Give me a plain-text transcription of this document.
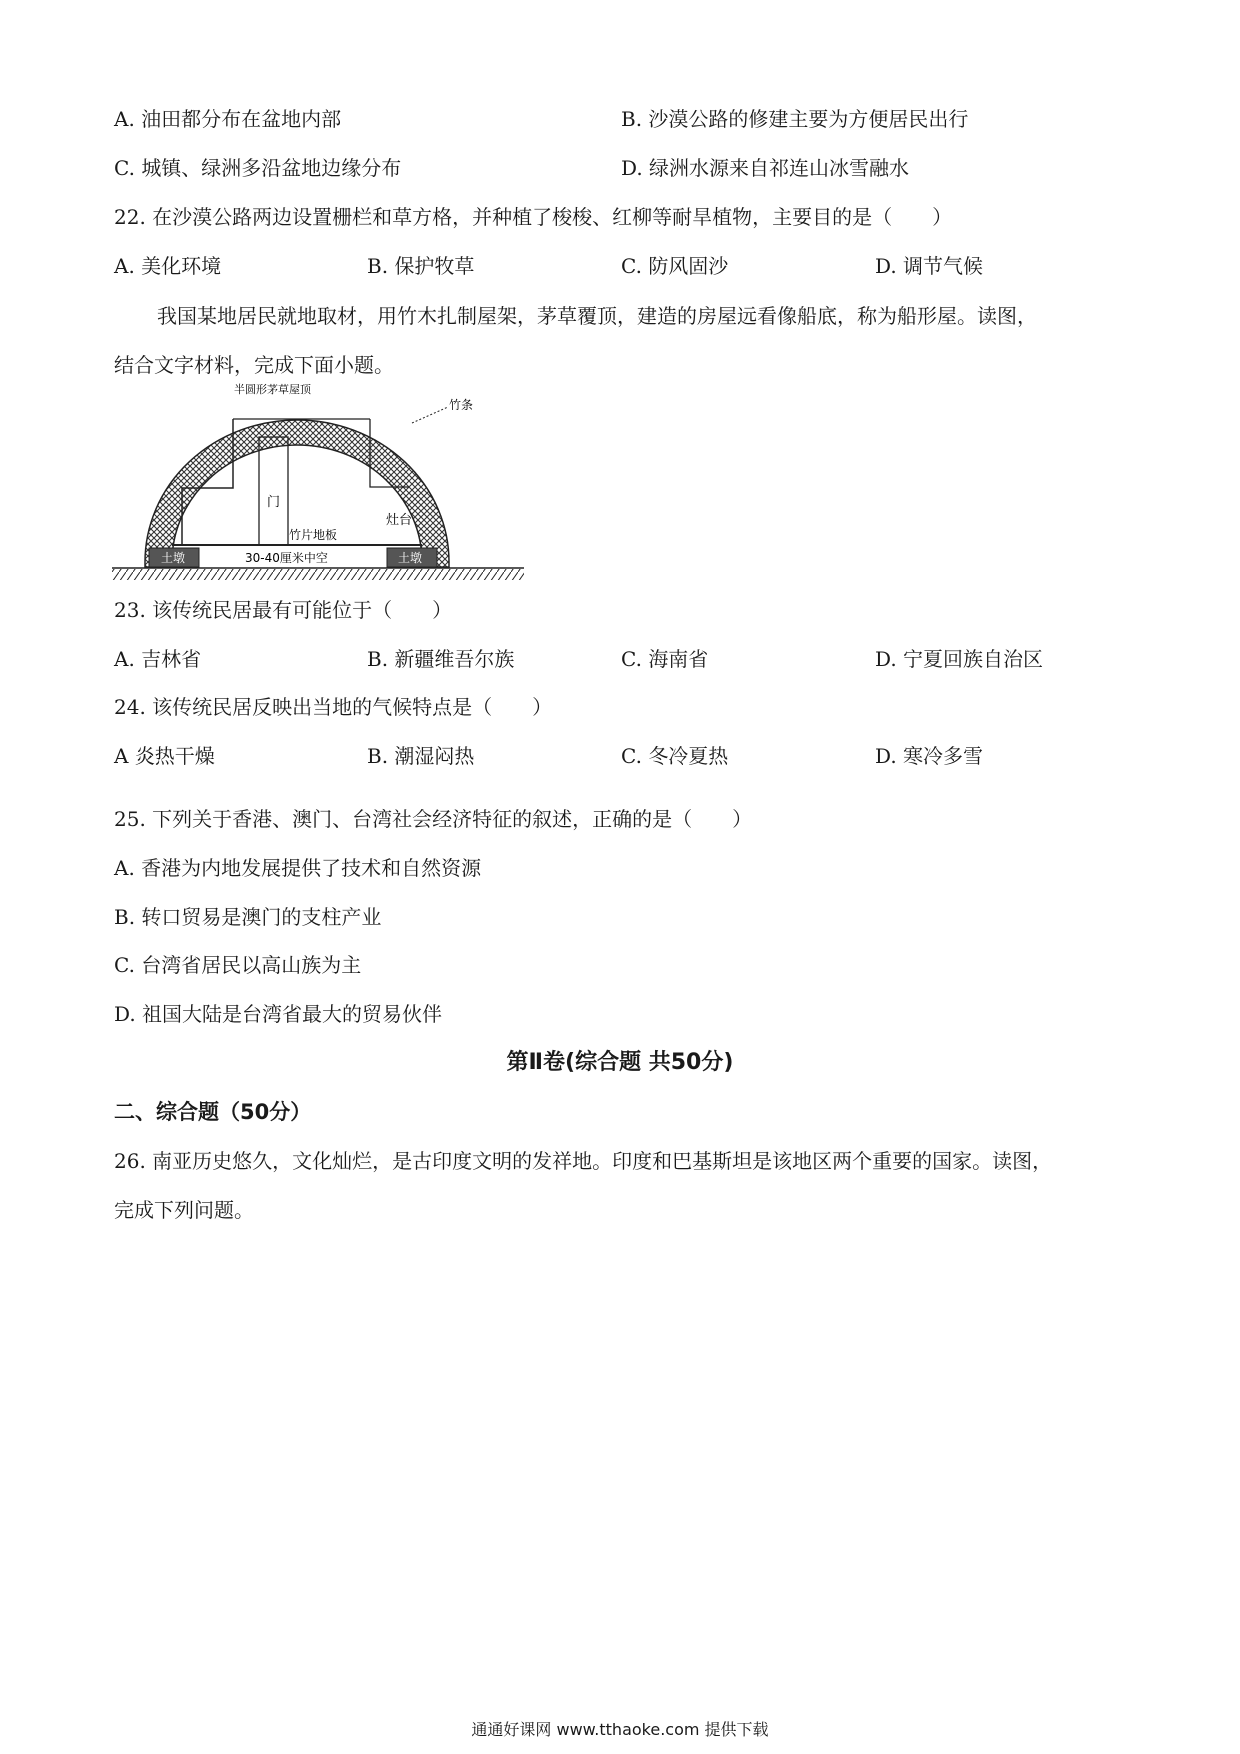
A. 油田都分布在盆地内部	B. 沙漠公路的修建主要为方便居民出行
C. 城镇、绿洲多沿盆地边缘分布	D. 绿洲水源来自祁连山冰雪融水
22. 在沙漠公路两边设置栅栏和草方格，并种植了梭梭、红柳等耐旱植物，主要目的是（　　）
A. 美化环境	B. 保护牧草	C. 防风固沙	D. 调节气候
我国某地居民就地取材，用竹木扎制屋架，茅草覆顶，建造的房屋远看像船底，称为船形屋。读图，
结合文字材料，完成下面小题。
半圆形茅草屋顶
竹条
门
竹片地板
灶台
土墩	土墩
30-40厘米中空
23. 该传统民居最有可能位于（　　）
A. 吉林省	B. 新疆维吾尔族	C. 海南省	D. 宁夏回族自治区
24. 该传统民居反映出当地的气候特点是（　　）
A 炎热干燥	B. 潮湿闷热	C. 冬冷夏热	D. 寒冷多雪
25. 下列关于香港、澳门、台湾社会经济特征的叙述，正确的是（　　）
A. 香港为内地发展提供了技术和自然资源
B. 转口贸易是澳门的支柱产业
C. 台湾省居民以高山族为主
D. 祖国大陆是台湾省最大的贸易伙伴
第Ⅱ卷(综合题 共50分)
二、综合题（50分）
26. 南亚历史悠久，文化灿烂，是古印度文明的发祥地。印度和巴基斯坦是该地区两个重要的国家。读图，
完成下列问题。
通通好课网 www.tthaoke.com 提供下载
